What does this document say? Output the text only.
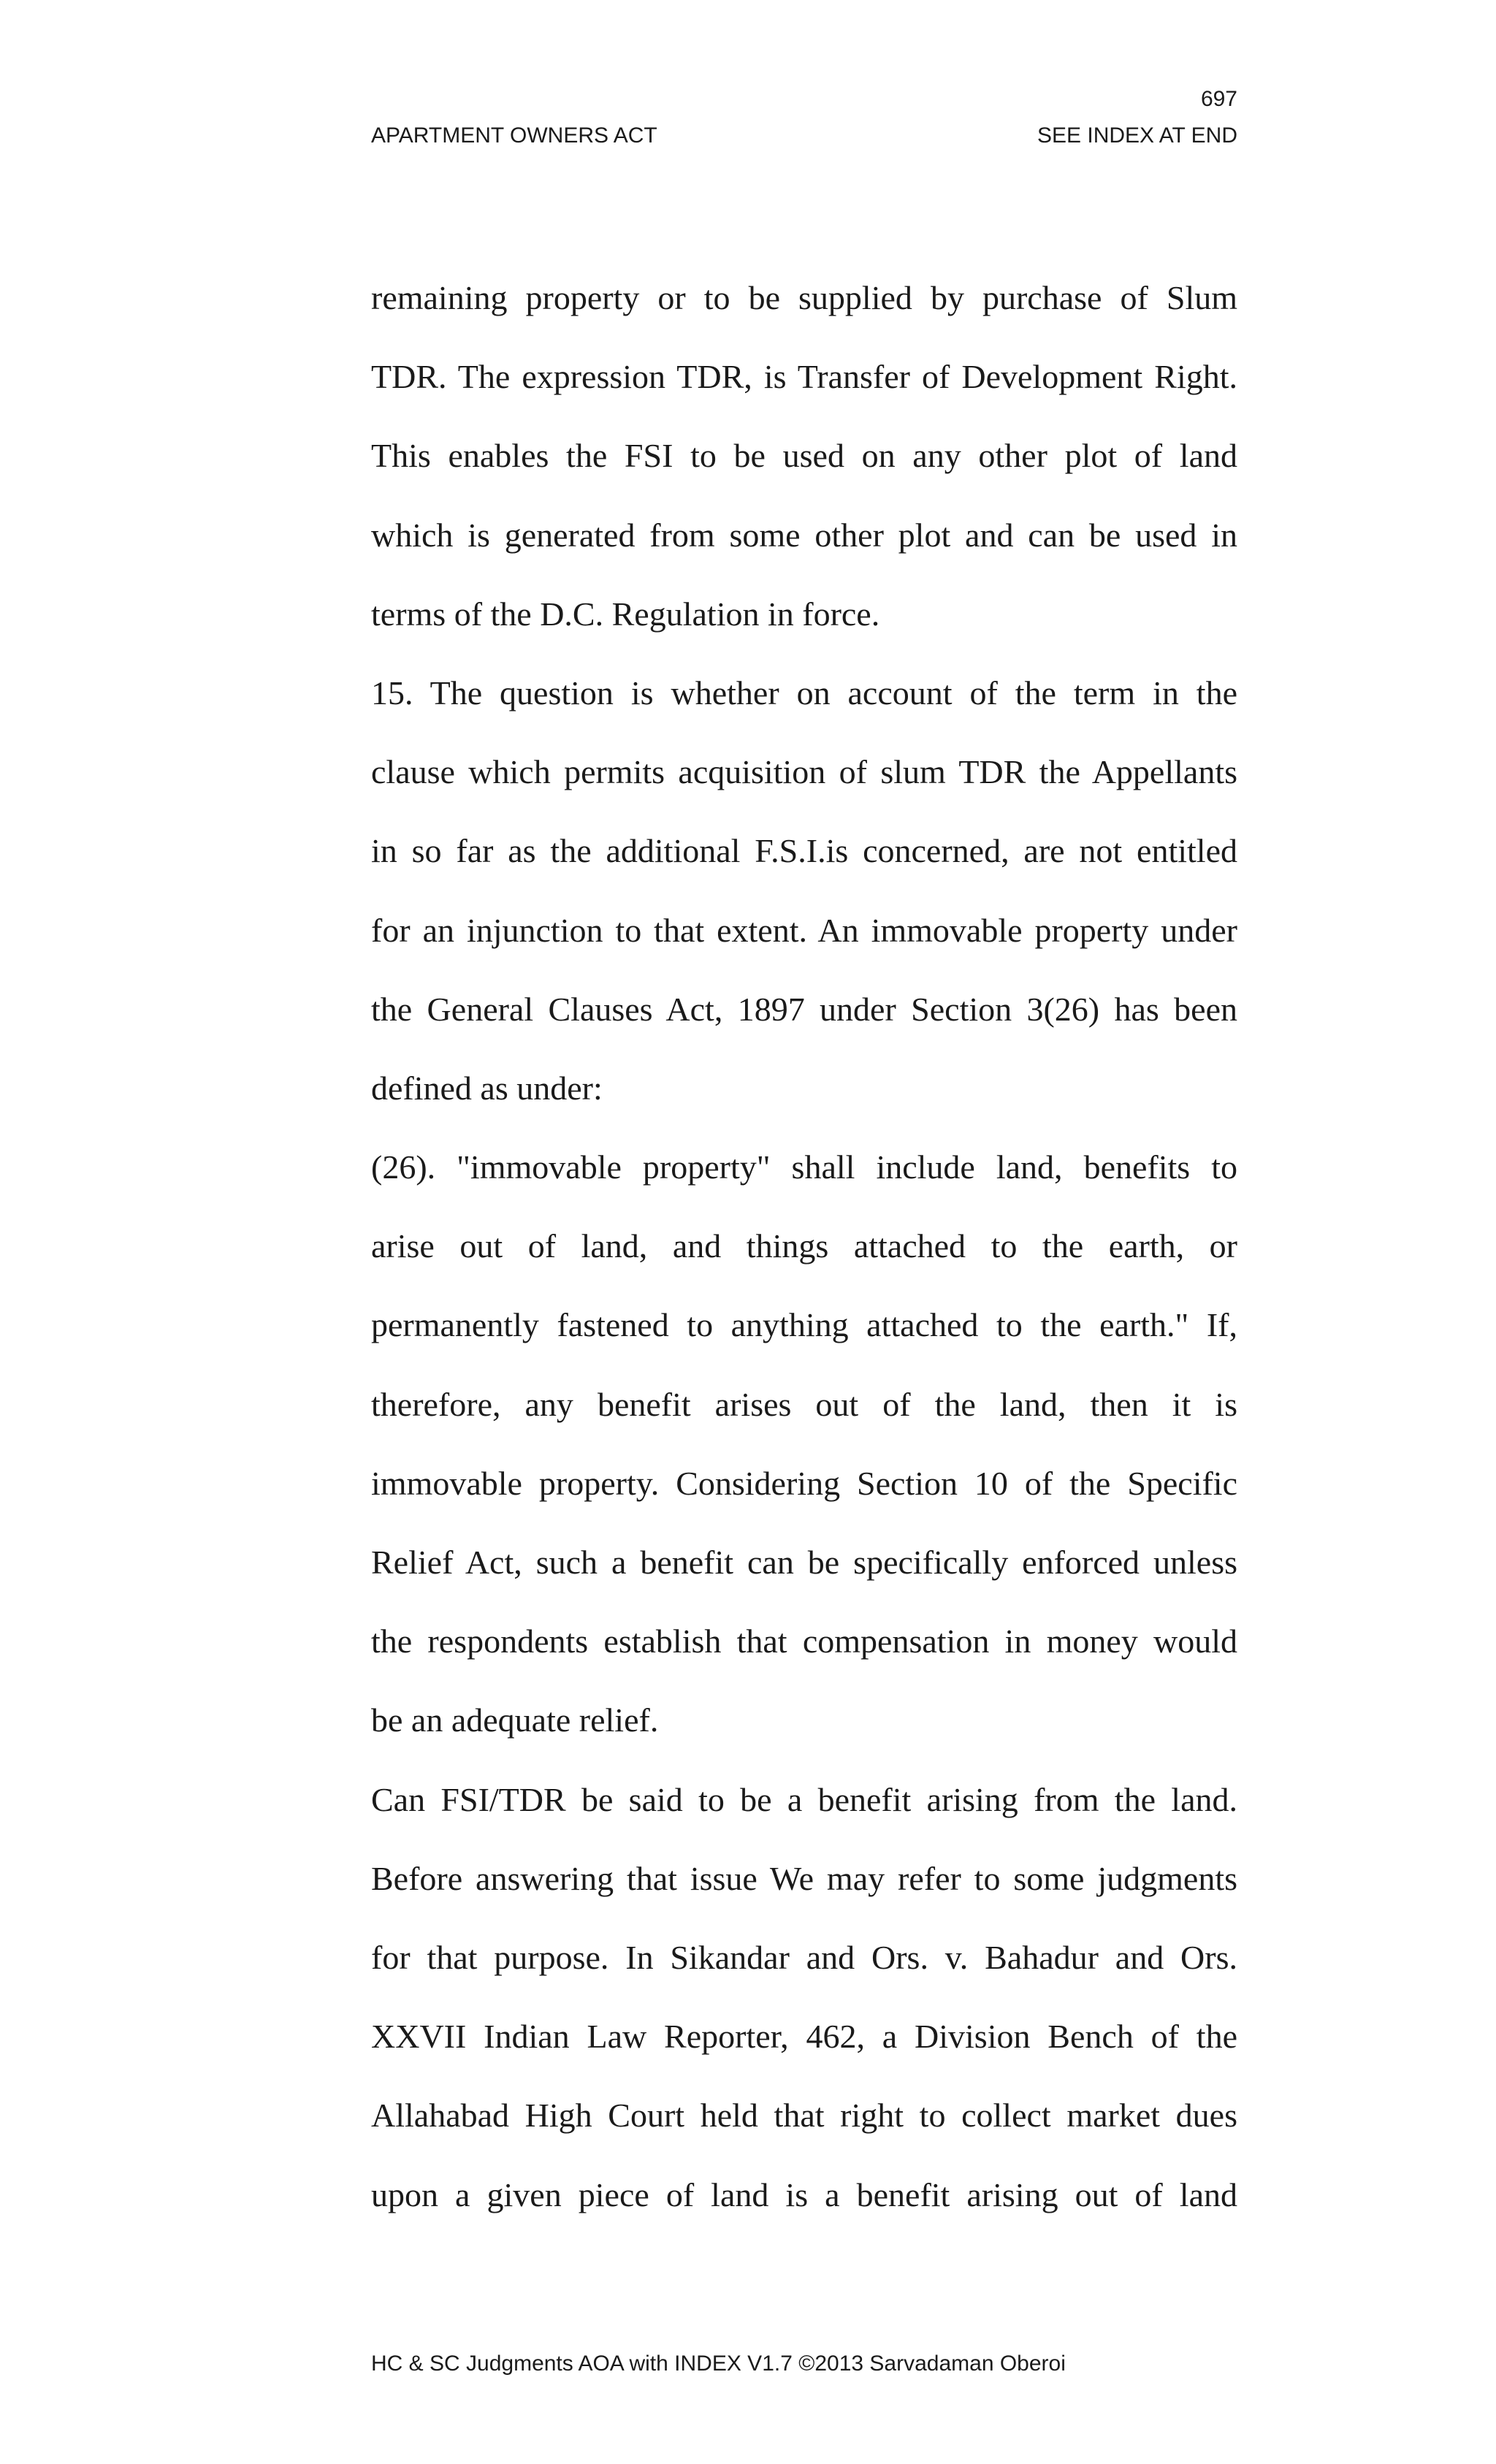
697
APARTMENT OWNERS ACT	SEE INDEX AT END
remaining property or to be supplied by purchase of Slum
TDR. The expression TDR, is Transfer of Development Right.
This enables the FSI to be used on any other plot of land
which is generated from some other plot and can be used in
terms of the D.C. Regulation in force.
15. The question is whether on account of the term in the
clause which permits acquisition of slum TDR the Appellants
in so far as the additional F.S.I.is concerned, are not entitled
for an injunction to that extent. An immovable property under
the General Clauses Act, 1897 under Section 3(26) has been
defined as under:
(26). "immovable property" shall include land, benefits to
arise out of land, and things attached to the earth, or
permanently fastened to anything attached to the earth." If,
therefore, any benefit arises out of the land, then it is
immovable property. Considering Section 10 of the Specific
Relief Act, such a benefit can be specifically enforced unless
the respondents establish that compensation in money would
be an adequate relief.
Can FSI/TDR be said to be a benefit arising from the land.
Before answering that issue We may refer to some judgments
for that purpose. In Sikandar and Ors. v. Bahadur and Ors.
XXVII Indian Law Reporter, 462, a Division Bench of the
Allahabad High Court held that right to collect market dues
upon a given piece of land is a benefit arising out of land
HC & SC Judgments AOA with INDEX V1.7 ©2013 Sarvadaman Oberoi
